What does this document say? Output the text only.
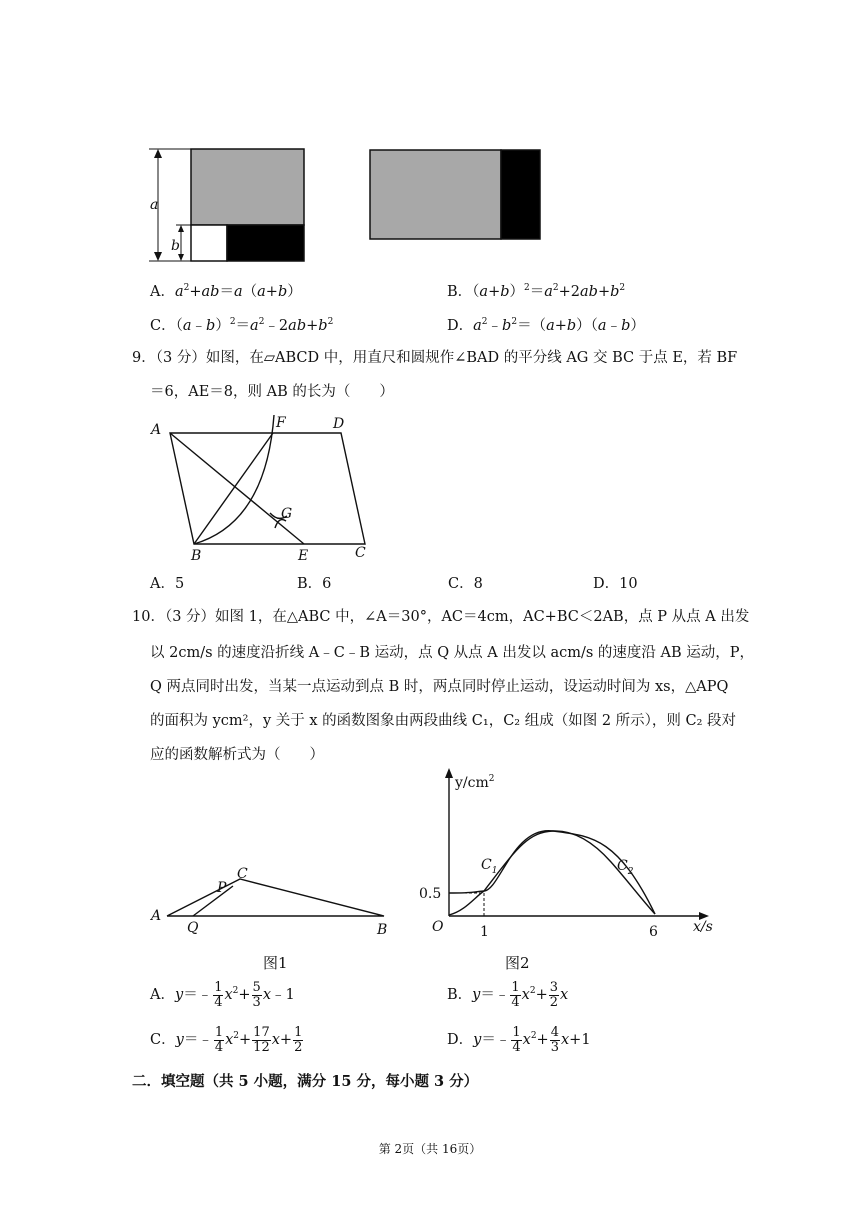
a
b
A．$a^2+ab=a(a+b)$	B．$(a+b)^2=a^2+2ab+b^2$
C．$(a﹣b)^2=a^2﹣2ab+b^2$	D．$a^2﹣b^2=(a+b)(a﹣b)$
9．（3 分）如图，在▱ABCD 中，用直尺和圆规作∠BAD 的平分线 AG 交 BC 于点 E，若 BF
＝6，AE＝8，则 AB 的长为（　　）
A	F	D
G
B	E	C
A．5	B．6	C．8	D．10
10．（3 分）如图 1，在△ABC 中，∠A＝30°，AC＝4cm，AC+BC＜2AB，点 P 从点 A 出发
以 2cm/s 的速度沿折线 A﹣C﹣B 运动，点 Q 从点 A 出发以 acm/s 的速度沿 AB 运动，P，
Q 两点同时出发，当某一点运动到点 B 时，两点同时停止运动，设运动时间为 xs，△APQ
的面积为 ycm²，y 关于 x 的函数图象由两段曲线 C₁，C₂ 组成（如图 2 所示），则 C₂ 段对
应的函数解析式为（　　）
A
P
C
Q	B
图1
$y/cm^2$
x/s
O
0.5
1	6
$C_1$	$C_2$
图2
A．y＝﹣ $\frac{1}{4} x^2+ \frac{5}{3}$ x﹣1	B．y＝﹣ $\frac{1}{4} x^2+ \frac{3}{2}$ x
C．y＝﹣ $\frac{1}{4} x^2+ \frac{17}{12} x+ \frac{1}{2}$	D．y＝﹣ $\frac{1}{4} x^2+ \frac{4}{3} x+1$
二．填空题（共 5 小题，满分 15 分，每小题 3 分）
第 2页（共 16页）
